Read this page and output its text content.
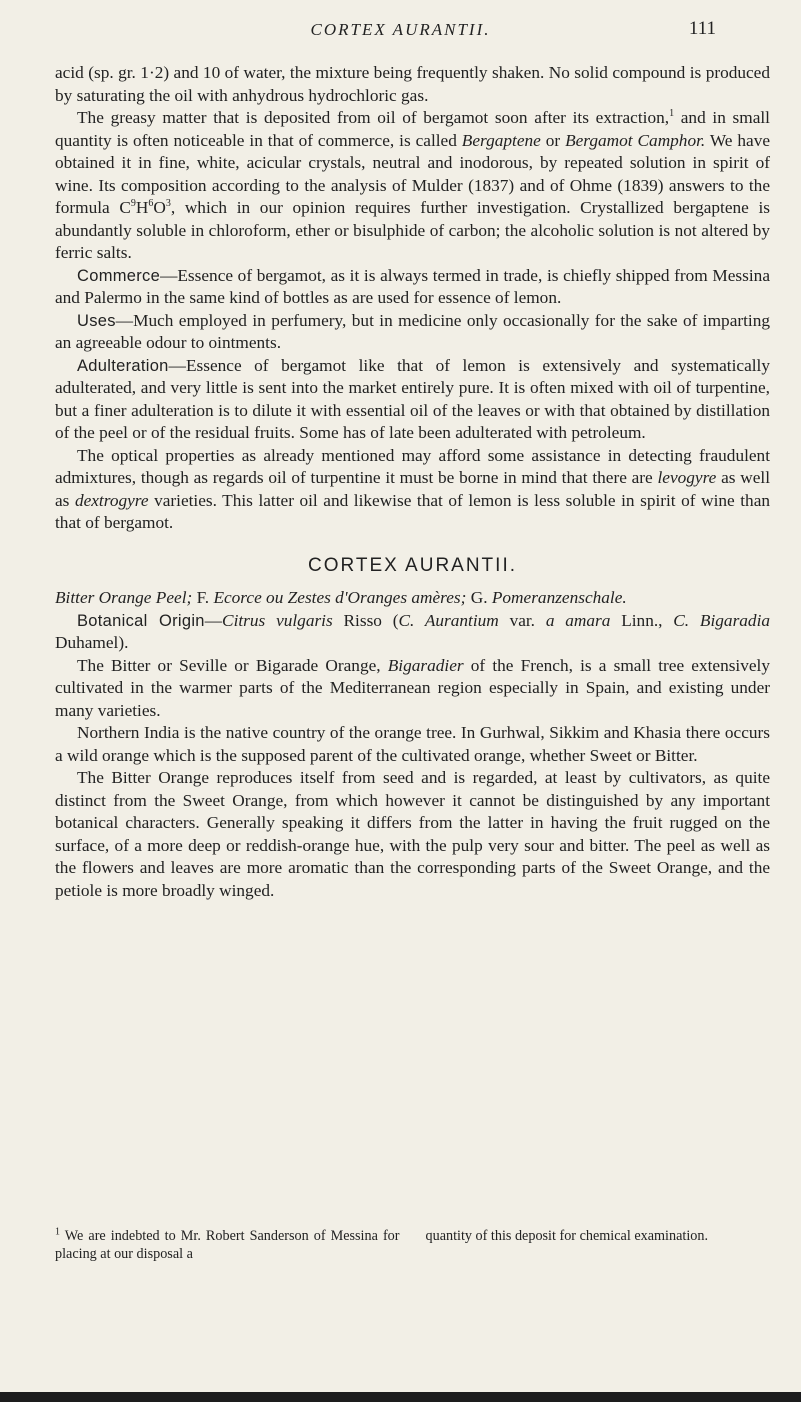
CORTEX AURANTII.	111

acid (sp. gr. 1·2) and 10 of water, the mixture being frequently shaken. No solid compound is produced by saturating the oil with anhydrous hydrochloric gas.

The greasy matter that is deposited from oil of bergamot soon after its extraction,$^1$ and in small quantity is often noticeable in that of commerce, is called Bergaptene or Bergamot Camphor. We have obtained it in fine, white, acicular crystals, neutral and inodorous, by repeated solution in spirit of wine. Its composition according to the analysis of Mulder (1837) and of Ohme (1839) answers to the formula $C^9H^6O^3$, which in our opinion requires further investigation. Crystallized bergaptene is abundantly soluble in chloroform, ether or bisulphide of carbon; the alcoholic solution is not altered by ferric salts.

Commerce—Essence of bergamot, as it is always termed in trade, is chiefly shipped from Messina and Palermo in the same kind of bottles as are used for essence of lemon.

Uses—Much employed in perfumery, but in medicine only occasionally for the sake of imparting an agreeable odour to ointments.

Adulteration—Essence of bergamot like that of lemon is extensively and systematically adulterated, and very little is sent into the market entirely pure. It is often mixed with oil of turpentine, but a finer adulteration is to dilute it with essential oil of the leaves or with that obtained by distillation of the peel or of the residual fruits. Some has of late been adulterated with petroleum.

The optical properties as already mentioned may afford some assistance in detecting fraudulent admixtures, though as regards oil of turpentine it must be borne in mind that there are levogyre as well as dextrogyre varieties. This latter oil and likewise that of lemon is less soluble in spirit of wine than that of bergamot.

CORTEX AURANTII.

Bitter Orange Peel; F. Ecorce ou Zestes d'Oranges amères; G. Pomeranzenschale.

Botanical Origin—Citrus vulgaris Risso (C. Aurantium var. a amara Linn., C. Bigaradia Duhamel).

The Bitter or Seville or Bigarade Orange, Bigaradier of the French, is a small tree extensively cultivated in the warmer parts of the Mediterranean region especially in Spain, and existing under many varieties.

Northern India is the native country of the orange tree. In Gurhwal, Sikkim and Khasia there occurs a wild orange which is the supposed parent of the cultivated orange, whether Sweet or Bitter.

The Bitter Orange reproduces itself from seed and is regarded, at least by cultivators, as quite distinct from the Sweet Orange, from which however it cannot be distinguished by any important botanical characters. Generally speaking it differs from the latter in having the fruit rugged on the surface, of a more deep or reddish-orange hue, with the pulp very sour and bitter. The peel as well as the flowers and leaves are more aromatic than the corresponding parts of the Sweet Orange, and the petiole is more broadly winged.

$^1$ We are indebted to Mr. Robert Sanderson of Messina for placing at our disposal a
quantity of this deposit for chemical examination.
